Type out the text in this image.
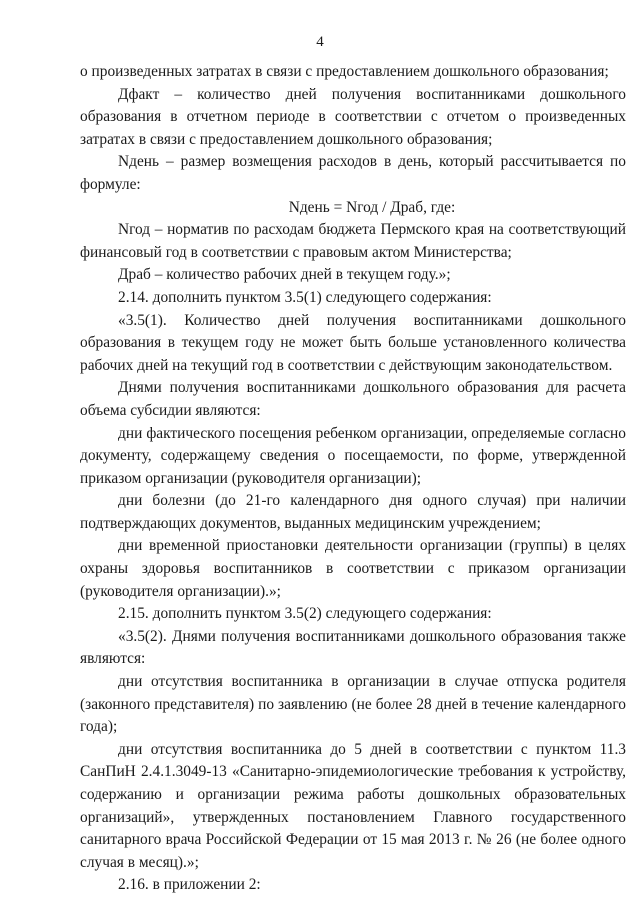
4

о произведенных затратах в связи с предоставлением дошкольного образования;

Дфакт – количество дней получения воспитанниками дошкольного образования в отчетном периоде в соответствии с отчетом о произведенных затратах в связи с предоставлением дошкольного образования;

Nдень – размер возмещения расходов в день, который рассчитывается по формуле:

Nдень = Nгод / Драб, где:

Nгод – норматив по расходам бюджета Пермского края на соответствующий финансовый год в соответствии с правовым актом Министерства;

Драб – количество рабочих дней в текущем году.»;

2.14. дополнить пунктом 3.5(1) следующего содержания:

«3.5(1). Количество дней получения воспитанниками дошкольного образования в текущем году не может быть больше установленного количества рабочих дней на текущий год в соответствии с действующим законодательством.

Днями получения воспитанниками дошкольного образования для расчета объема субсидии являются:

дни фактического посещения ребенком организации, определяемые согласно документу, содержащему сведения о посещаемости, по форме, утвержденной приказом организации (руководителя организации);

дни болезни (до 21-го календарного дня одного случая) при наличии подтверждающих документов, выданных медицинским учреждением;

дни временной приостановки деятельности организации (группы) в целях охраны здоровья воспитанников в соответствии с приказом организации (руководителя организации).»;

2.15. дополнить пунктом 3.5(2) следующего содержания:

«3.5(2). Днями получения воспитанниками дошкольного образования также являются:

дни отсутствия воспитанника в организации в случае отпуска родителя (законного представителя) по заявлению (не более 28 дней в течение календарного года);

дни отсутствия воспитанника до 5 дней в соответствии с пунктом 11.3 СанПиН 2.4.1.3049-13 «Санитарно-эпидемиологические требования к устройству, содержанию и организации режима работы дошкольных образовательных организаций», утвержденных постановлением Главного государственного санитарного врача Российской Федерации от 15 мая 2013 г. № 26 (не более одного случая в месяц).»;

2.16. в приложении 2:
